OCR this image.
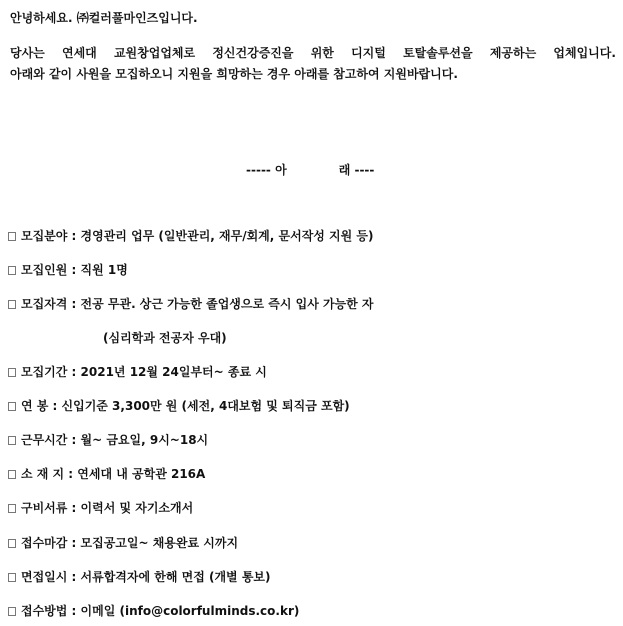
안녕하세요. ㈜컬러풀마인즈입니다.
당사는 연세대 교원창업업체로 정신건강증진을 위한 디지털 토탈솔루션을 제공하는 업체입니다.
아래와 같이 사원을 모집하오니 지원을 희망하는 경우 아래를 참고하여 지원바랍니다.
----- 아	래 ----
모집분야 : 경영관리 업무 (일반관리, 재무/회계, 문서작성 지원 등)
모집인원 : 직원 1명
모집자격 : 전공 무관. 상근 가능한 졸업생으로 즉시 입사 가능한 자
(심리학과 전공자 우대)
모집기간 : 2021년 12월 24일부터~ 종료 시
연 봉 : 신입기준 3,300만 원 (세전, 4대보험 및 퇴직금 포함)
근무시간 : 월~ 금요일, 9시~18시
소 재 지 : 연세대 내 공학관 216A
구비서류 : 이력서 및 자기소개서
접수마감 : 모집공고일~ 채용완료 시까지
면접일시 : 서류합격자에 한해 면접 (개별 통보)
접수방법 : 이메일 (info@colorfulminds.co.kr)
